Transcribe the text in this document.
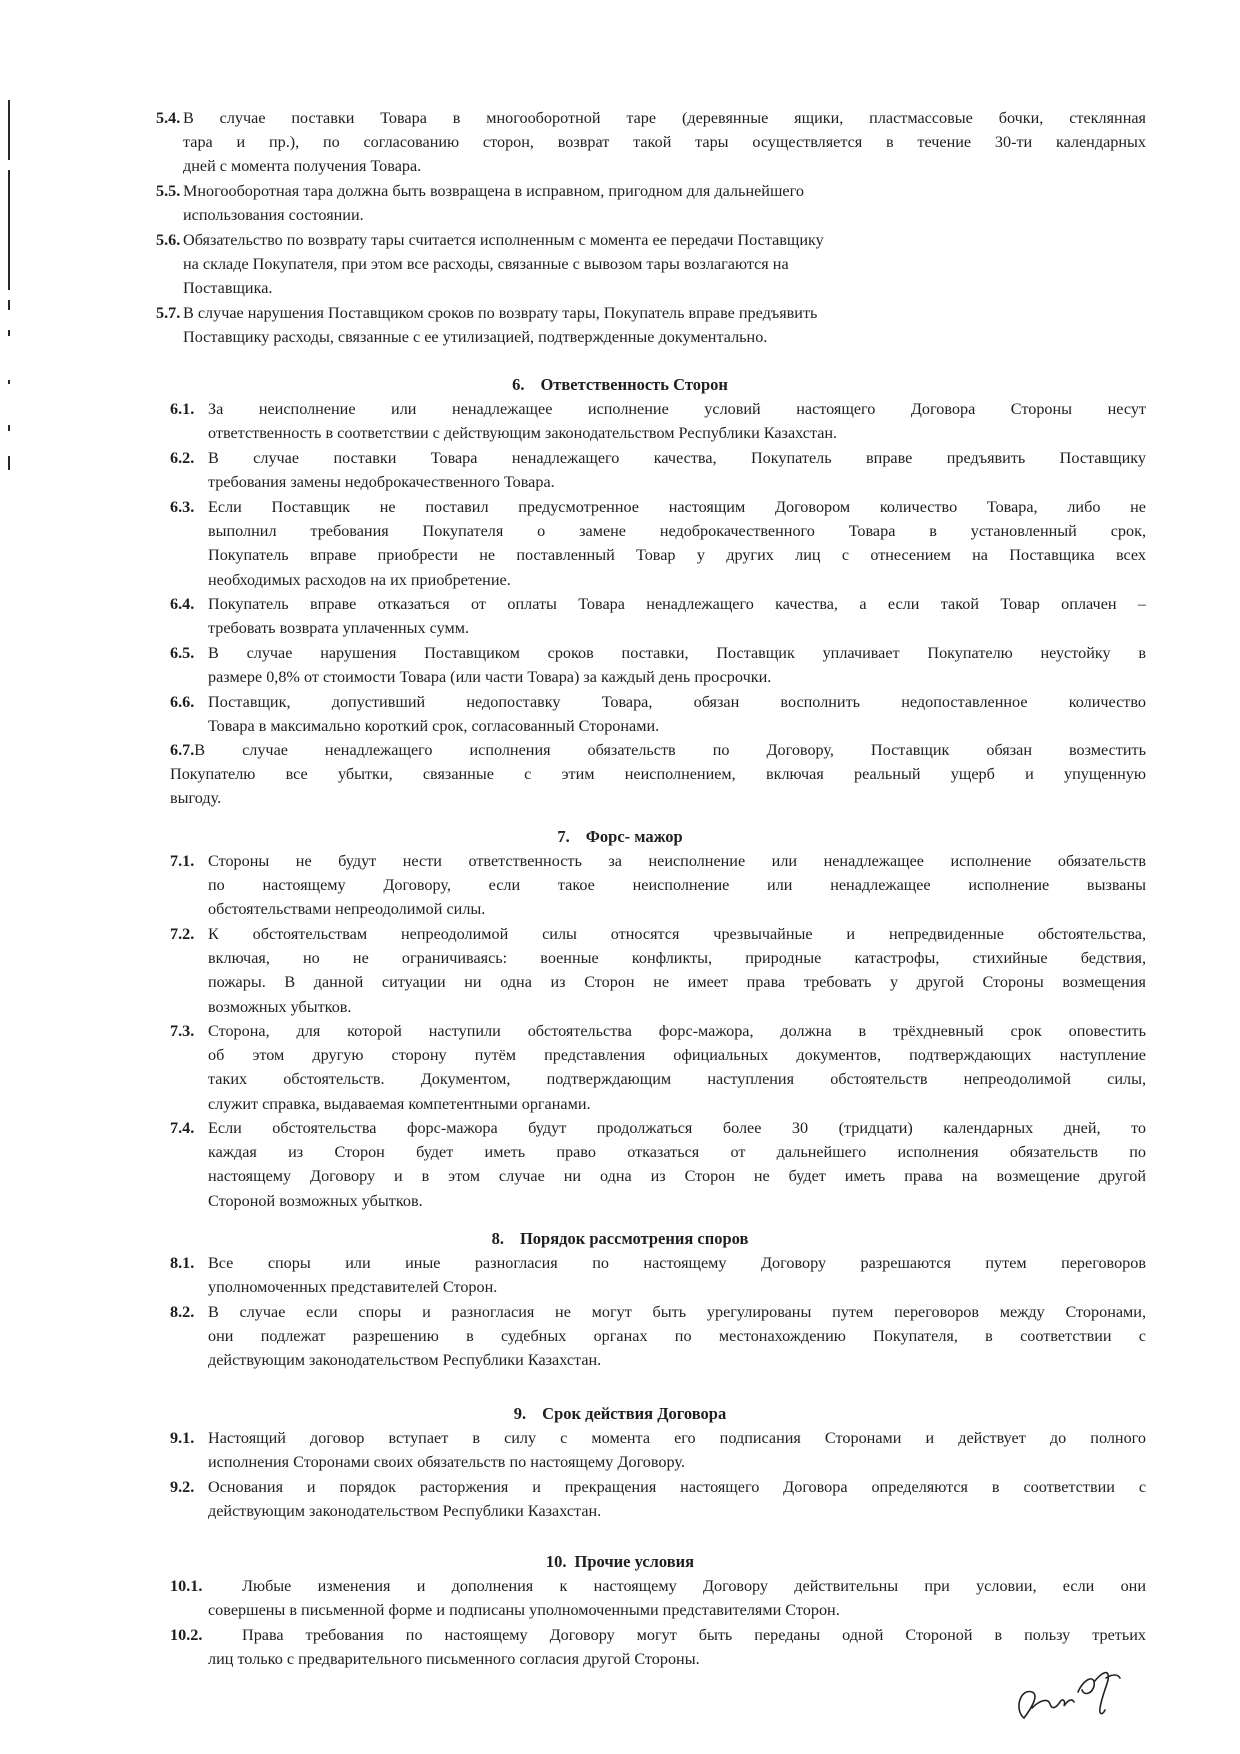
5.4. В случае поставки Товара в многооборотной таре (деревянные ящики, пластмассовые бочки, стеклянная
тара и пр.), по согласованию сторон, возврат такой тары осуществляется в течение 30-ти календарных
дней с момента получения Товара.
5.5. Многооборотная тара должна быть возвращена в исправном, пригодном для дальнейшего
использования состоянии.
5.6. Обязательство по возврату тары считается исполненным с момента ее передачи Поставщику
на складе Покупателя, при этом все расходы, связанные с вывозом тары возлагаются на
Поставщика.
5.7. В случае нарушения Поставщиком сроков по возврату тары, Покупатель вправе предъявить
Поставщику расходы, связанные с ее утилизацией, подтвержденные документально.
6. Ответственность Сторон
6.1. За неисполнение или ненадлежащее исполнение условий настоящего Договора Стороны несут
ответственность в соответствии с действующим законодательством Республики Казахстан.
6.2. В случае поставки Товара ненадлежащего качества, Покупатель вправе предъявить Поставщику
требования замены недоброкачественного Товара.
6.3. Если Поставщик не поставил предусмотренное настоящим Договором количество Товара, либо не
выполнил требования Покупателя о замене недоброкачественного Товара в установленный срок,
Покупатель вправе приобрести не поставленный Товар у других лиц с отнесением на Поставщика всех
необходимых расходов на их приобретение.
6.4. Покупатель вправе отказаться от оплаты Товара ненадлежащего качества, а если такой Товар оплачен –
требовать возврата уплаченных сумм.
6.5. В случае нарушения Поставщиком сроков поставки, Поставщик уплачивает Покупателю неустойку в
размере 0,8% от стоимости Товара (или части Товара) за каждый день просрочки.
6.6. Поставщик, допустивший недопоставку Товара, обязан восполнить недопоставленное количество
Товара в максимально короткий срок, согласованный Сторонами.
6.7.В случае ненадлежащего исполнения обязательств по Договору, Поставщик обязан возместить
Покупателю все убытки, связанные с этим неисполнением, включая реальный ущерб и упущенную
выгоду.
7. Форс- мажор
7.1. Стороны не будут нести ответственность за неисполнение или ненадлежащее исполнение обязательств
по настоящему Договору, если такое неисполнение или ненадлежащее исполнение вызваны
обстоятельствами непреодолимой силы.
7.2. К обстоятельствам непреодолимой силы относятся чрезвычайные и непредвиденные обстоятельства,
включая, но не ограничиваясь: военные конфликты, природные катастрофы, стихийные бедствия,
пожары. В данной ситуации ни одна из Сторон не имеет права требовать у другой Стороны возмещения
возможных убытков.
7.3. Сторона, для которой наступили обстоятельства форс-мажора, должна в трёхдневный срок оповестить
об этом другую сторону путём представления официальных документов, подтверждающих наступление
таких обстоятельств. Документом, подтверждающим наступления обстоятельств непреодолимой силы,
служит справка, выдаваемая компетентными органами.
7.4. Если обстоятельства форс-мажора будут продолжаться более 30 (тридцати) календарных дней, то
каждая из Сторон будет иметь право отказаться от дальнейшего исполнения обязательств по
настоящему Договору и в этом случае ни одна из Сторон не будет иметь права на возмещение другой
Стороной возможных убытков.
8. Порядок рассмотрения споров
8.1. Все споры или иные разногласия по настоящему Договору разрешаются путем переговоров
уполномоченных представителей Сторон.
8.2. В случае если споры и разногласия не могут быть урегулированы путем переговоров между Сторонами,
они подлежат разрешению в судебных органах по местонахождению Покупателя, в соответствии с
действующим законодательством Республики Казахстан.
9. Срок действия Договора
9.1. Настоящий договор вступает в силу с момента его подписания Сторонами и действует до полного
исполнения Сторонами своих обязательств по настоящему Договору.
9.2. Основания и порядок расторжения и прекращения настоящего Договора определяются в соответствии с
действующим законодательством Республики Казахстан.
10. Прочие условия
10.1.	Любые изменения и дополнения к настоящему Договору действительны при условии, если они
совершены в письменной форме и подписаны уполномоченными представителями Сторон.
10.2.	Права требования по настоящему Договору могут быть переданы одной Стороной в пользу третьих
лиц только с предварительного письменного согласия другой Стороны.
